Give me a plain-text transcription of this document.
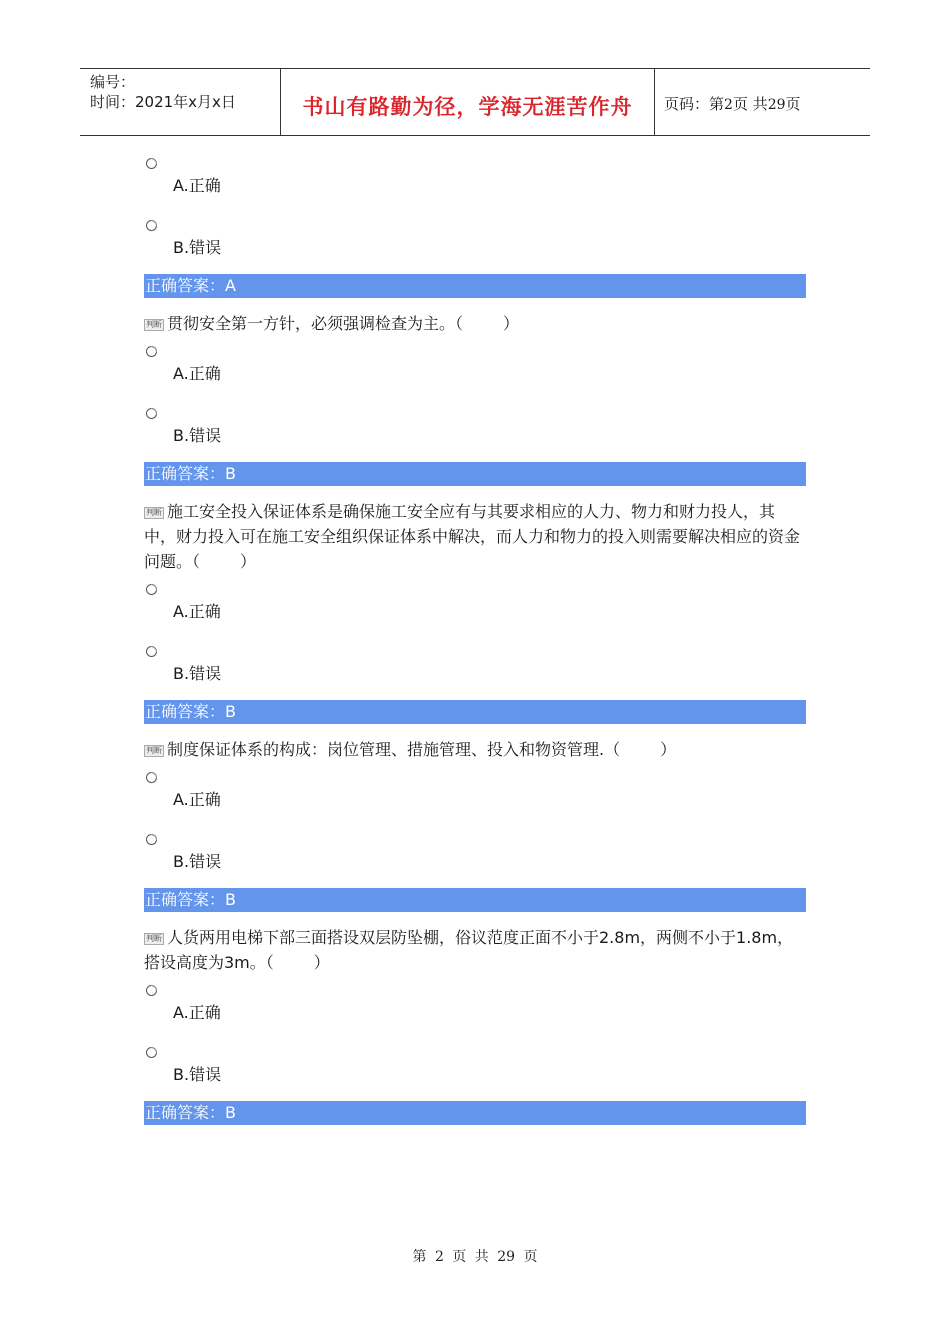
编号：
时间：2021年x月x日	书山有路勤为径，学海无涯苦作舟	页码：第2页 共29页
A.正确
B.错误
正确答案：A
判断 贯彻安全第一方针，必须强调检查为主。（	）
A.正确
B.错误
正确答案：B
判断 施工安全投入保证体系是确保施工安全应有与其要求相应的人力、物力和财力投人，其中，财力投入可在施工安全组织保证体系中解决，而人力和物力的投入则需要解决相应的资金问题。（	）
A.正确
B.错误
正确答案：B
判断 制度保证体系的构成：岗位管理、措施管理、投入和物资管理.（	）
A.正确
B.错误
正确答案：B
判断 人货两用电梯下部三面搭设双层防坠棚，俗议范度正面不小于2.8m，两侧不小于1.8m，搭设高度为3m。（	）
A.正确
B.错误
正确答案：B
第 2 页 共 29 页
